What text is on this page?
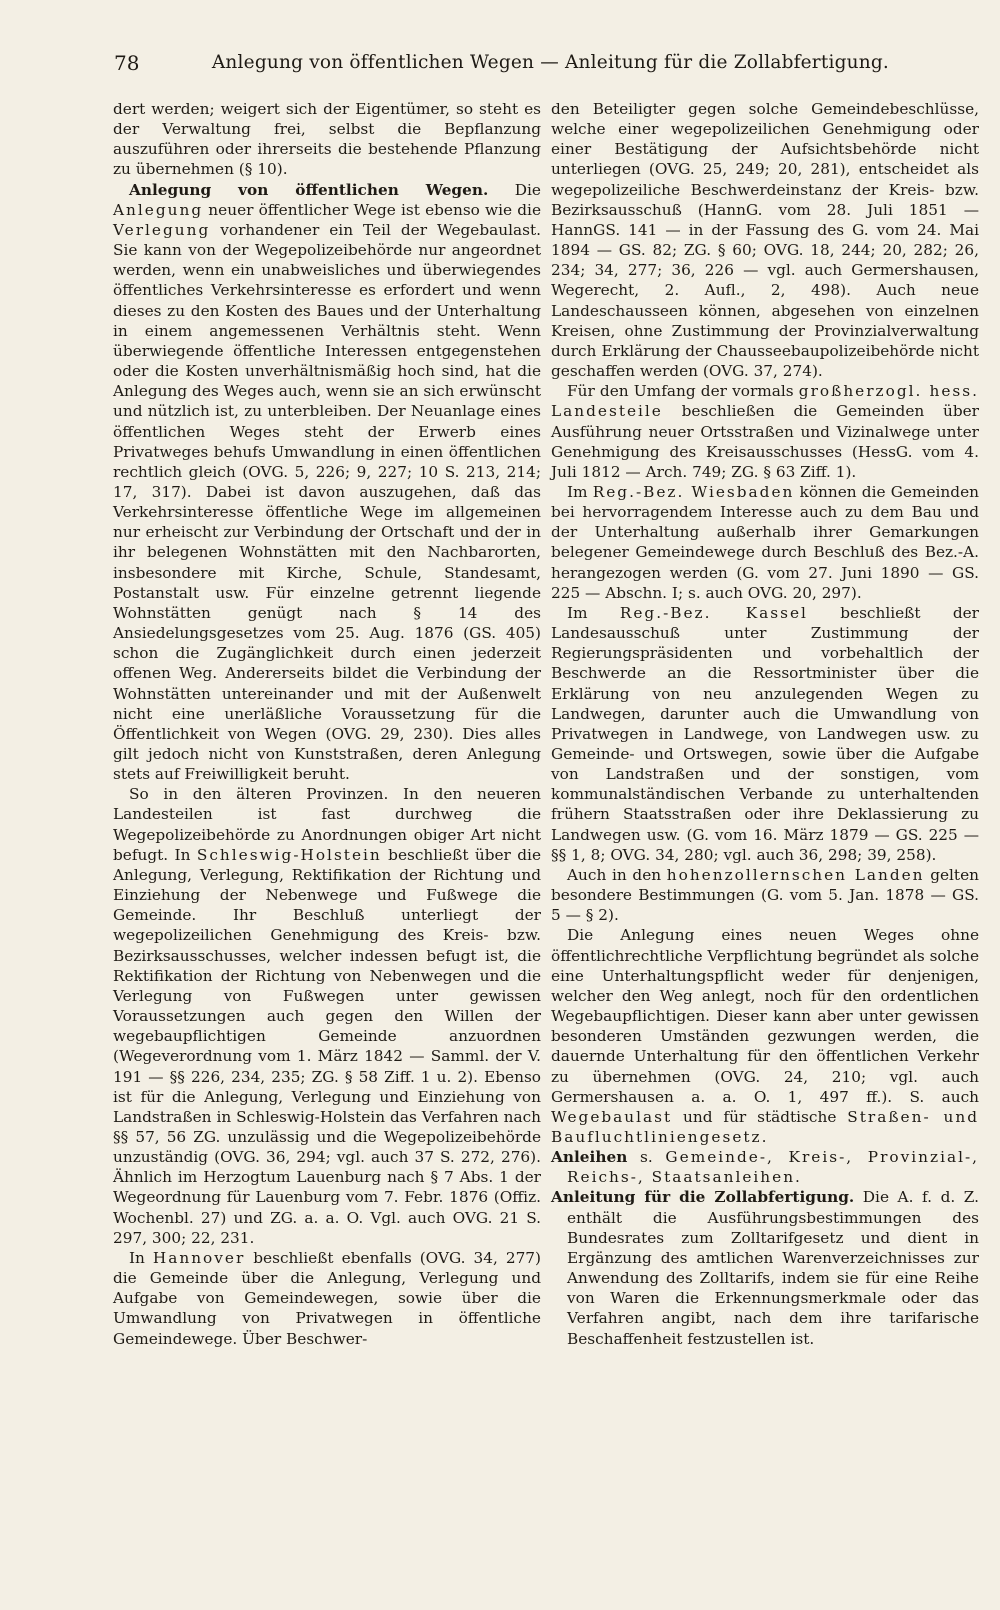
78	Anlegung von öffentlichen Wegen — Anleitung für die Zollabfertigung.

dert werden; weigert sich der Eigentümer, so steht es der Verwaltung frei, selbst die Bepflanzung auszuführen oder ihrerseits die bestehende Pflanzung zu übernehmen (§ 10).

Anlegung von öffentlichen Wegen. Die Anlegung neuer öffentlicher Wege ist ebenso wie die Verlegung vorhandener ein Teil der Wegebaulast. Sie kann von der Wegepolizeibehörde nur angeordnet werden, wenn ein unabweisliches und überwiegendes öffentliches Verkehrsinteresse es erfordert und wenn dieses zu den Kosten des Baues und der Unterhaltung in einem angemessenen Verhältnis steht. Wenn überwiegende öffentliche Interessen entgegenstehen oder die Kosten unverhältnismäßig hoch sind, hat die Anlegung des Weges auch, wenn sie an sich erwünscht und nützlich ist, zu unterbleiben. Der Neuanlage eines öffentlichen Weges steht der Erwerb eines Privatweges behufs Umwandlung in einen öffentlichen rechtlich gleich (OVG. 5, 226; 9, 227; 10 S. 213, 214; 17, 317). Dabei ist davon auszugehen, daß das Verkehrsinteresse öffentliche Wege im allgemeinen nur erheischt zur Verbindung der Ortschaft und der in ihr belegenen Wohnstätten mit den Nachbarorten, insbesondere mit Kirche, Schule, Standesamt, Postanstalt usw. Für einzelne getrennt liegende Wohnstätten genügt nach § 14 des Ansiedelungsgesetzes vom 25. Aug. 1876 (GS. 405) schon die Zugänglichkeit durch einen jederzeit offenen Weg. Andererseits bildet die Verbindung der Wohnstätten untereinander und mit der Außenwelt nicht eine unerläßliche Voraussetzung für die Öffentlichkeit von Wegen (OVG. 29, 230). Dies alles gilt jedoch nicht von Kunststraßen, deren Anlegung stets auf Freiwilligkeit beruht.

So in den älteren Provinzen. In den neueren Landesteilen ist fast durchweg die Wegepolizeibehörde zu Anordnungen obiger Art nicht befugt. In Schleswig-Holstein beschließt über die Anlegung, Verlegung, Rektifikation der Richtung und Einziehung der Nebenwege und Fußwege die Gemeinde. Ihr Beschluß unterliegt der wegepolizeilichen Genehmigung des Kreis- bzw. Bezirksausschusses, welcher indessen befugt ist, die Rektifikation der Richtung von Nebenwegen und die Verlegung von Fußwegen unter gewissen Voraussetzungen auch gegen den Willen der wegebaupflichtigen Gemeinde anzuordnen (Wegeverordnung vom 1. März 1842 — Samml. der V. 191 — §§ 226, 234, 235; ZG. § 58 Ziff. 1 u. 2). Ebenso ist für die Anlegung, Verlegung und Einziehung von Landstraßen in Schleswig-Holstein das Verfahren nach §§ 57, 56 ZG. unzulässig und die Wegepolizeibehörde unzuständig (OVG. 36, 294; vgl. auch 37 S. 272, 276). Ähnlich im Herzogtum Lauenburg nach § 7 Abs. 1 der Wegeordnung für Lauenburg vom 7. Febr. 1876 (Offiz. Wochenbl. 27) und ZG. a. a. O. Vgl. auch OVG. 21 S. 297, 300; 22, 231.

In Hannover beschließt ebenfalls (OVG. 34, 277) die Gemeinde über die Anlegung, Verlegung und Aufgabe von Gemeindewegen, sowie über die Umwandlung von Privatwegen in öffentliche Gemeindewege. Über Beschwer-

den Beteiligter gegen solche Gemeindebeschlüsse, welche einer wegepolizeilichen Genehmigung oder einer Bestätigung der Aufsichtsbehörde nicht unterliegen (OVG. 25, 249; 20, 281), entscheidet als wegepolizeiliche Beschwerdeinstanz der Kreis- bzw. Bezirksausschuß (HannG. vom 28. Juli 1851 — HannGS. 141 — in der Fassung des G. vom 24. Mai 1894 — GS. 82; ZG. § 60; OVG. 18, 244; 20, 282; 26, 234; 34, 277; 36, 226 — vgl. auch Germershausen, Wegerecht, 2. Aufl., 2, 498). Auch neue Landeschausseen können, abgesehen von einzelnen Kreisen, ohne Zustimmung der Provinzialverwaltung durch Erklärung der Chausseebaupolizeibehörde nicht geschaffen werden (OVG. 37, 274).

Für den Umfang der vormals großherzogl. hess. Landesteile beschließen die Gemeinden über Ausführung neuer Ortsstraßen und Vizinalwege unter Genehmigung des Kreisausschusses (HessG. vom 4. Juli 1812 — Arch. 749; ZG. § 63 Ziff. 1).

Im Reg.-Bez. Wiesbaden können die Gemeinden bei hervorragendem Interesse auch zu dem Bau und der Unterhaltung außerhalb ihrer Gemarkungen belegener Gemeindewege durch Beschluß des Bez.-A. herangezogen werden (G. vom 27. Juni 1890 — GS. 225 — Abschn. I; s. auch OVG. 20, 297).

Im Reg.-Bez. Kassel beschließt der Landesausschuß unter Zustimmung der Regierungspräsidenten und vorbehaltlich der Beschwerde an die Ressortminister über die Erklärung von neu anzulegenden Wegen zu Landwegen, darunter auch die Umwandlung von Privatwegen in Landwege, von Landwegen usw. zu Gemeinde- und Ortswegen, sowie über die Aufgabe von Landstraßen und der sonstigen, vom kommunalständischen Verbande zu unterhaltenden frühern Staatsstraßen oder ihre Deklassierung zu Landwegen usw. (G. vom 16. März 1879 — GS. 225 — §§ 1, 8; OVG. 34, 280; vgl. auch 36, 298; 39, 258).

Auch in den hohenzollernschen Landen gelten besondere Bestimmungen (G. vom 5. Jan. 1878 — GS. 5 — § 2).

Die Anlegung eines neuen Weges ohne öffentlichrechtliche Verpflichtung begründet als solche eine Unterhaltungspflicht weder für denjenigen, welcher den Weg anlegt, noch für den ordentlichen Wegebaupflichtigen. Dieser kann aber unter gewissen besonderen Umständen gezwungen werden, die dauernde Unterhaltung für den öffentlichen Verkehr zu übernehmen (OVG. 24, 210; vgl. auch Germershausen a. a. O. 1, 497 ff.). S. auch Wegebaulast und für städtische Straßen- und Baufluchtliniengesetz.

Anleihen s. Gemeinde-, Kreis-, Provinzial-, Reichs-, Staatsanleihen.

Anleitung für die Zollabfertigung. Die A. f. d. Z. enthält die Ausführungsbestimmungen des Bundesrates zum Zolltarifgesetz und dient in Ergänzung des amtlichen Warenverzeichnisses zur Anwendung des Zolltarifs, indem sie für eine Reihe von Waren die Erkennungsmerkmale oder das Verfahren angibt, nach dem ihre tarifarische Beschaffenheit festzustellen ist.
